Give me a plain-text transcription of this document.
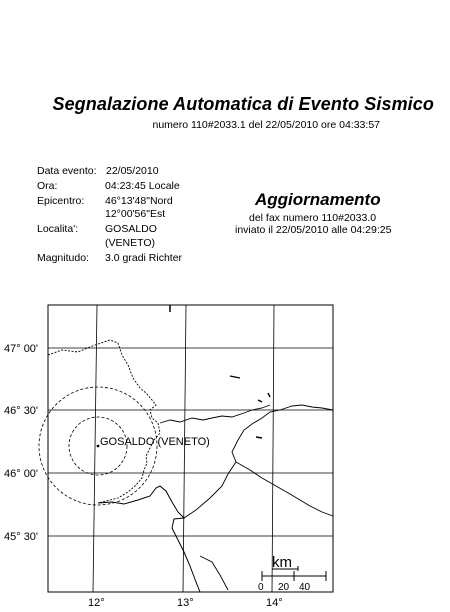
GOSALDO (VENETO)
47° 00'
46° 30'
46° 00'
45° 30'
12°	13°	14°
km
0 20 40
Segnalazione Automatica di Evento Sismico
numero 110#2033.1 del 22/05/2010 ore 04:33:57
Data evento: 22/05/2010
Ora:	04:23:45 Locale
Epicentro: 46°13'48"Nord
12°00'56"Est
Localita':	GOSALDO
(VENETO)
Magnitudo: 3.0 gradi Richter
Aggiornamento
del fax numero 110#2033.0
inviato il 22/05/2010 alle 04:29:25
